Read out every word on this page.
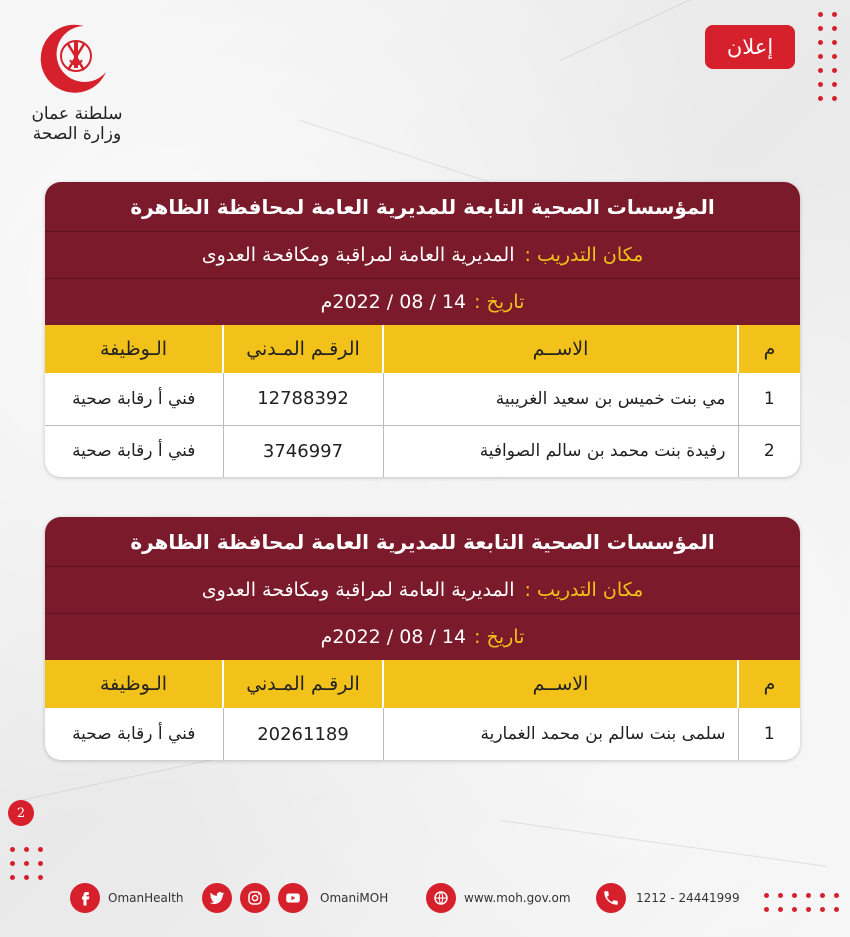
سلطنة عمان
وزارة الصحة
إعلان
المؤسسات الصحية التابعة للمديرية العامة لمحافظة الظاهرة
مكان التدريب :
المديرية العامة لمراقبة ومكافحة العدوى
تاريخ :
14 / 08 / 2022م
م	الاســم	الرقـم المـدني	الـوظيفة
1	مي بنت خميس بن سعيد الغريبية	12788392	فني أ رقابة صحية
2	رفيدة بنت محمد بن سالم الصوافية	3746997	فني أ رقابة صحية
المؤسسات الصحية التابعة للمديرية العامة لمحافظة الظاهرة
مكان التدريب :
المديرية العامة لمراقبة ومكافحة العدوى
تاريخ :
14 / 08 / 2022م
م	الاســم	الرقـم المـدني	الـوظيفة
1	سلمى بنت سالم بن محمد الغمارية	20261189	فني أ رقابة صحية
2
OmanHealth	OmaniMOH	www.moh.gov.om	1212 - 24441999
